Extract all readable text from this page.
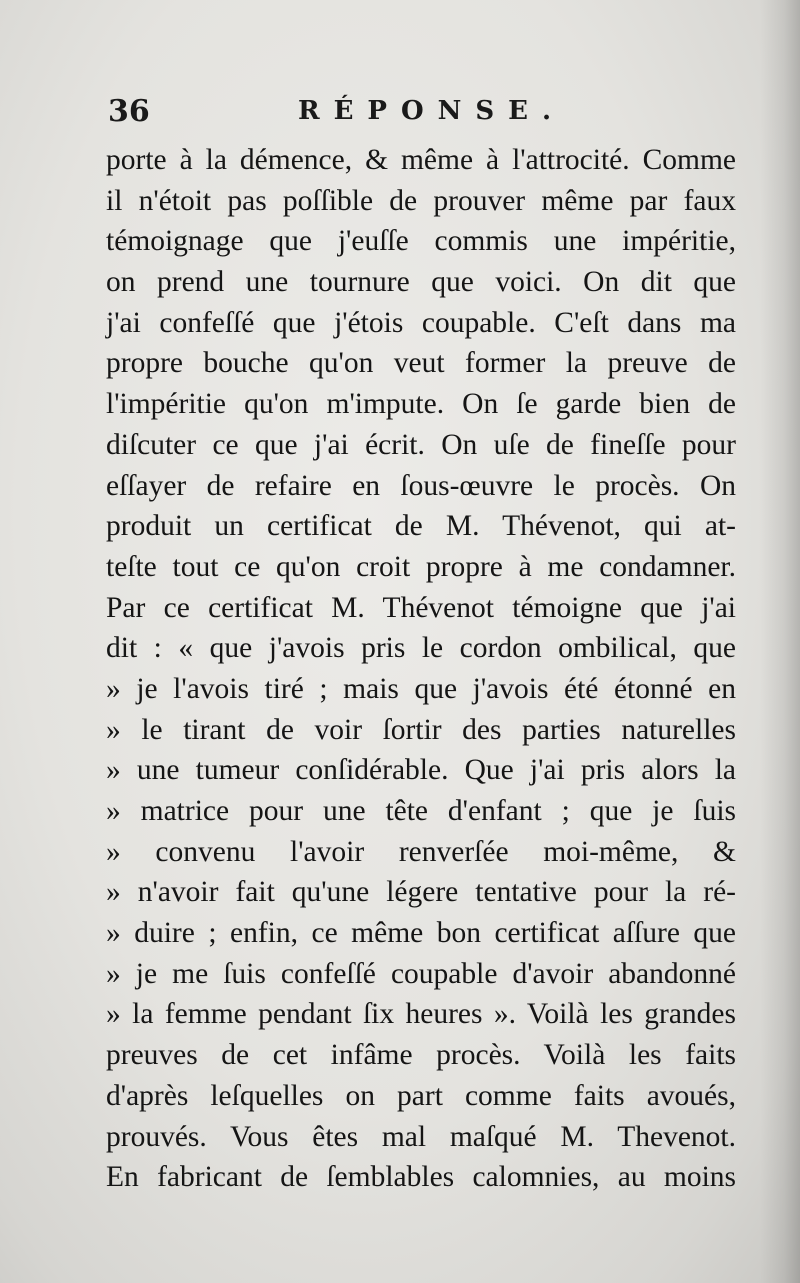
36	RÉPONSE.
porte à la démence, & même à l'attrocité. Comme
il n'étoit pas poſſible de prouver même par faux
témoignage que j'euſſe commis une impéritie,
on prend une tournure que voici. On dit que
j'ai confeſſé que j'étois coupable. C'eſt dans ma
propre bouche qu'on veut former la preuve de
l'impéritie qu'on m'impute. On ſe garde bien de
diſcuter ce que j'ai écrit. On uſe de fineſſe pour
eſſayer de refaire en ſous-œuvre le procès. On
produit un certificat de M. Thévenot, qui at-
teſte tout ce qu'on croit propre à me condamner.
Par ce certificat M. Thévenot témoigne que j'ai
dit : « que j'avois pris le cordon ombilical, que
» je l'avois tiré ; mais que j'avois été étonné en
» le tirant de voir ſortir des parties naturelles
» une tumeur conſidérable. Que j'ai pris alors la
» matrice pour une tête d'enfant ; que je ſuis
» convenu l'avoir renverſée moi-même, &
» n'avoir fait qu'une légere tentative pour la ré-
» duire ; enfin, ce même bon certificat aſſure que
» je me ſuis confeſſé coupable d'avoir abandonné
» la femme pendant ſix heures ». Voilà les grandes
preuves de cet infâme procès. Voilà les faits
d'après leſquelles on part comme faits avoués,
prouvés. Vous êtes mal maſqué M. Thevenot.
En fabricant de ſemblables calomnies, au moins
